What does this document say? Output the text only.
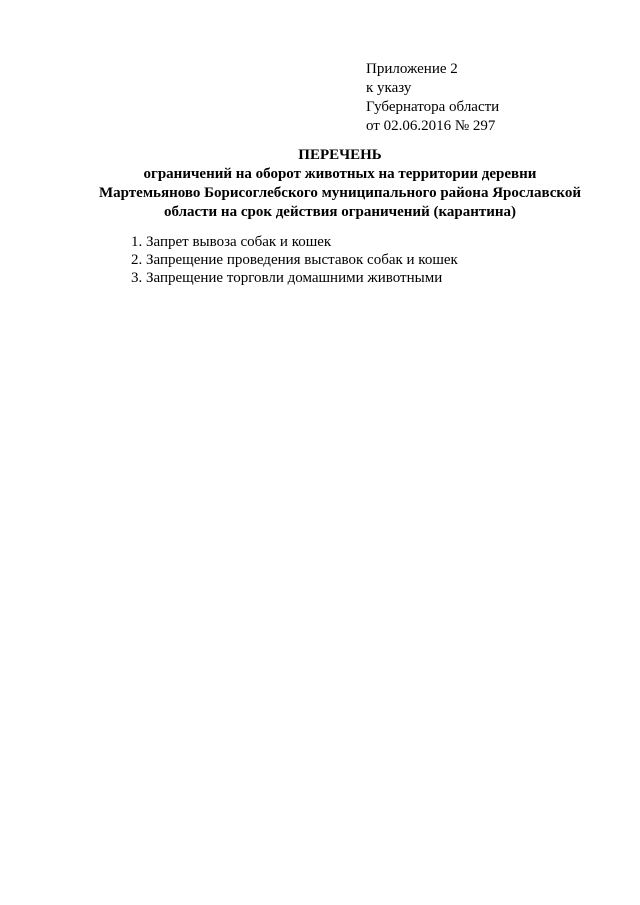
Приложение 2
к указу
Губернатора области
от 02.06.2016 № 297
ПЕРЕЧЕНЬ
ограничений на оборот животных на территории деревни
Мартемьяново Борисоглебского муниципального района Ярославской
области на срок действия ограничений (карантина)
1. Запрет вывоза собак и кошек
2. Запрещение проведения выставок собак и кошек
3. Запрещение торговли домашними животными
